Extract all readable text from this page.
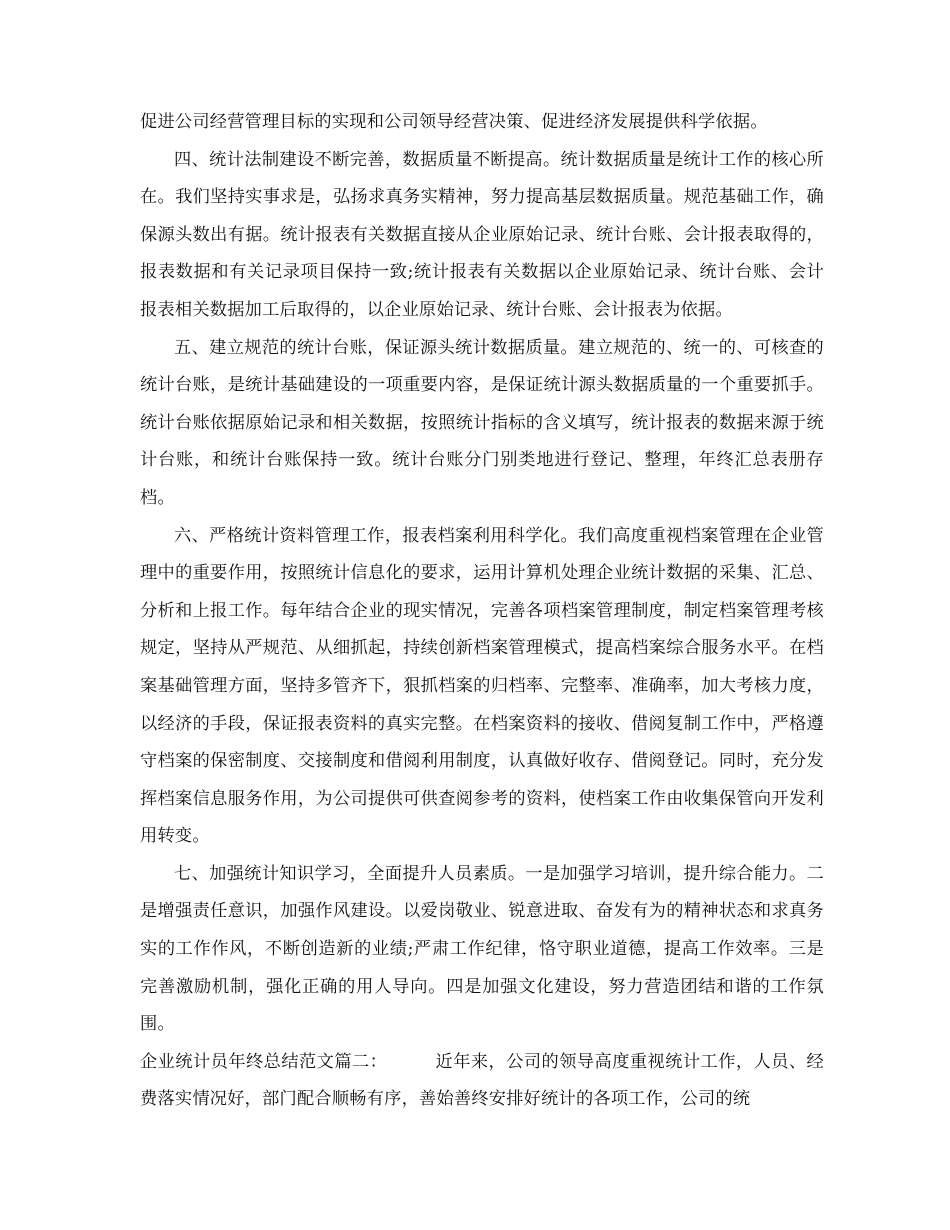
促进公司经营管理目标的实现和公司领导经营决策、促进经济发展提供科学依据。

四、统计法制建设不断完善，数据质量不断提高。统计数据质量是统计工作的核心所在。我们坚持实事求是，弘扬求真务实精神，努力提高基层数据质量。规范基础工作，确保源头数出有据。统计报表有关数据直接从企业原始记录、统计台账、会计报表取得的，报表数据和有关记录项目保持一致;统计报表有关数据以企业原始记录、统计台账、会计报表相关数据加工后取得的，以企业原始记录、统计台账、会计报表为依据。

五、建立规范的统计台账，保证源头统计数据质量。建立规范的、统一的、可核查的统计台账，是统计基础建设的一项重要内容，是保证统计源头数据质量的一个重要抓手。统计台账依据原始记录和相关数据，按照统计指标的含义填写，统计报表的数据来源于统计台账，和统计台账保持一致。统计台账分门别类地进行登记、整理，年终汇总表册存档。

六、严格统计资料管理工作，报表档案利用科学化。我们高度重视档案管理在企业管理中的重要作用，按照统计信息化的要求，运用计算机处理企业统计数据的采集、汇总、分析和上报工作。每年结合企业的现实情况，完善各项档案管理制度，制定档案管理考核规定，坚持从严规范、从细抓起，持续创新档案管理模式，提高档案综合服务水平。在档案基础管理方面，坚持多管齐下，狠抓档案的归档率、完整率、准确率，加大考核力度，以经济的手段，保证报表资料的真实完整。在档案资料的接收、借阅复制工作中，严格遵守档案的保密制度、交接制度和借阅利用制度，认真做好收存、借阅登记。同时，充分发挥档案信息服务作用，为公司提供可供查阅参考的资料，使档案工作由收集保管向开发利用转变。

七、加强统计知识学习，全面提升人员素质。一是加强学习培训，提升综合能力。二是增强责任意识，加强作风建设。以爱岗敬业、锐意进取、奋发有为的精神状态和求真务实的工作作风，不断创造新的业绩;严肃工作纪律，恪守职业道德，提高工作效率。三是完善激励机制，强化正确的用人导向。四是加强文化建设，努力营造团结和谐的工作氛围。

企业统计员年终总结范文篇二：	近年来，公司的领导高度重视统计工作，人员、经费落实情况好，部门配合顺畅有序，善始善终安排好统计的各项工作，公司的统
